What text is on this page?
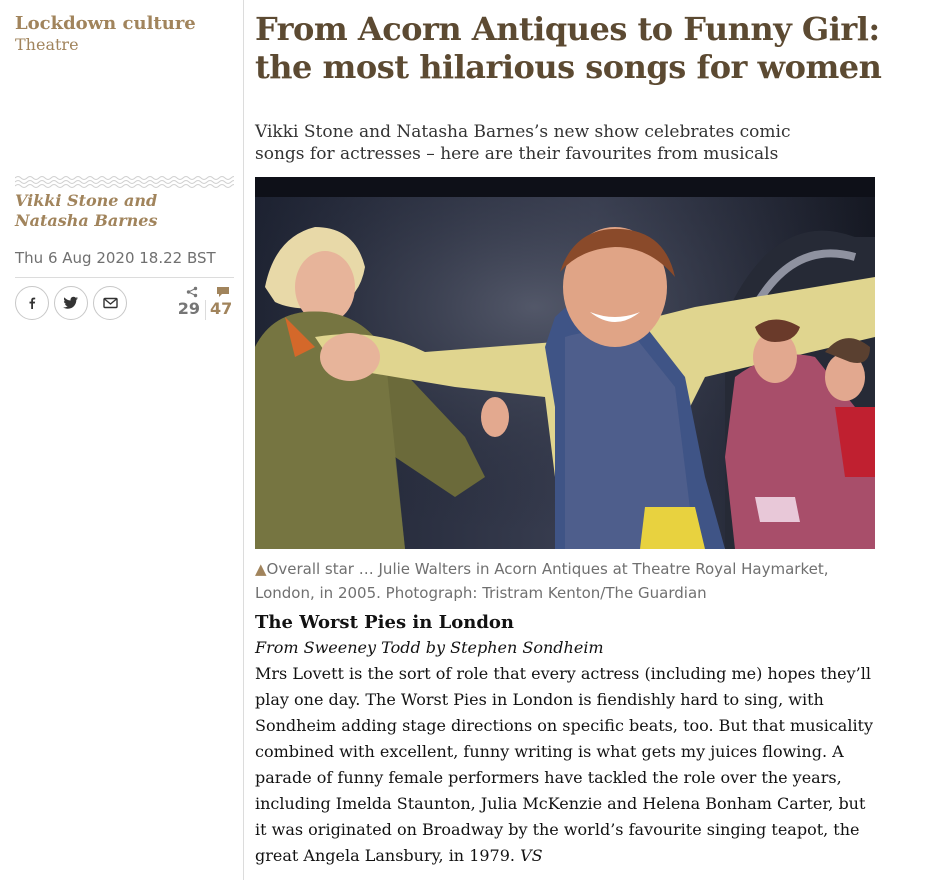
Lockdown culture
Theatre
Vikki Stone and Natasha Barnes

Thu 6 Aug 2020 18.22 BST

29 47
From Acorn Antiques to Funny Girl: the most hilarious songs for women

Vikki Stone and Natasha Barnes’s new show celebrates comic songs for actresses – here are their favourites from musicals

▲Overall star … Julie Walters in Acorn Antiques at Theatre Royal Haymarket, London, in 2005. Photograph: Tristram Kenton/The Guardian

The Worst Pies in London

From Sweeney Todd by Stephen Sondheim

Mrs Lovett is the sort of role that every actress (including me) hopes they’ll play one day. The Worst Pies in London is fiendishly hard to sing, with Sondheim adding stage directions on specific beats, too. But that musicality combined with excellent, funny writing is what gets my juices flowing. A parade of funny female performers have tackled the role over the years, including Imelda Staunton, Julia McKenzie and Helena Bonham Carter, but it was originated on Broadway by the world’s favourite singing teapot, the great Angela Lansbury, in 1979. VS
